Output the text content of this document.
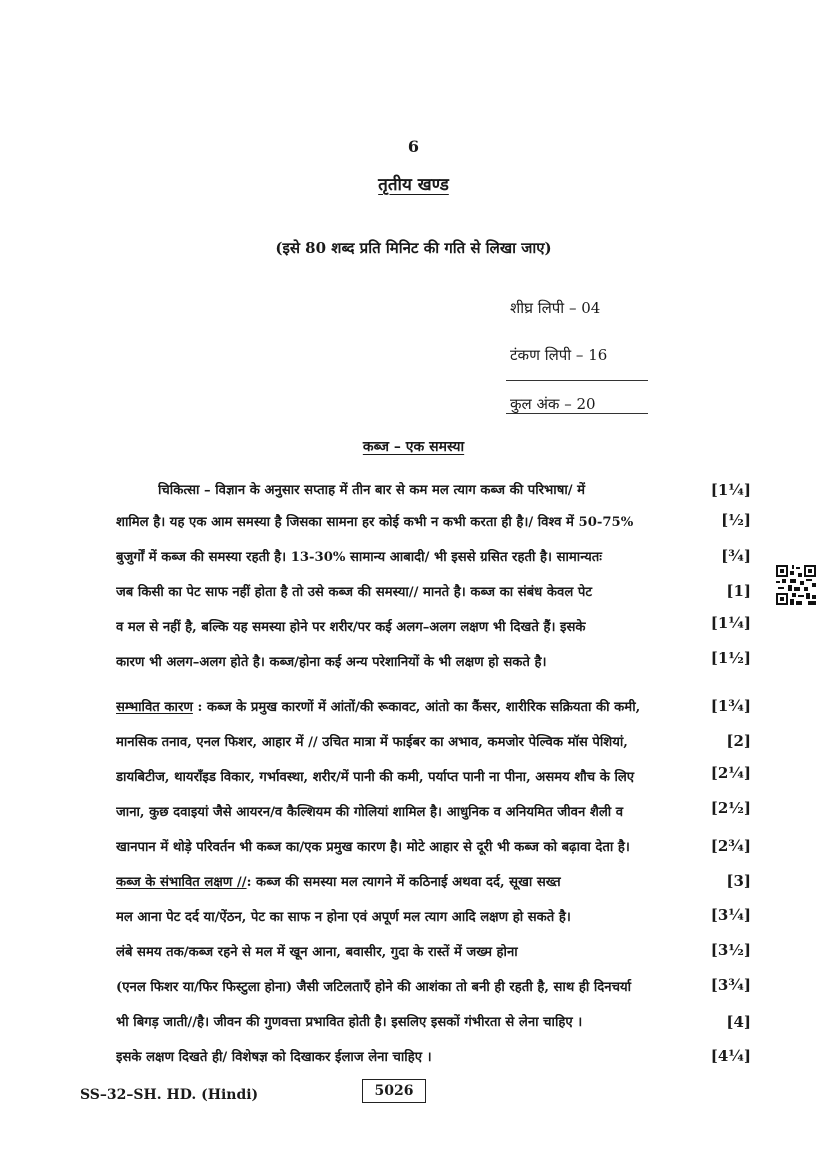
6
तृतीय खण्ड
(इसे 80 शब्द प्रति मिनिट की गति से लिखा जाए)
शीघ्र लिपी – 04
टंकण लिपी – 16
कुल अंक – 20
कब्ज – एक समस्या
चिकित्सा – विज्ञान के अनुसार सप्ताह में तीन बार से कम मल त्याग कब्ज की परिभाषा/ में	[1¼]
शामिल है। यह एक आम समस्या है जिसका सामना हर कोई कभी न कभी करता ही है।/ विश्व में 50-75%	[½]
बुजुर्गों में कब्ज की समस्या रहती है। 13-30% सामान्य आबादी/ भी इससे ग्रसित रहती है। सामान्यतः	[¾]
जब किसी का पेट साफ नहीं होता है तो उसे कब्ज की समस्या// मानते है। कब्ज का संबंध केवल पेट	[1]
व मल से नहीं है, बल्कि यह समस्या होने पर शरीर/पर कई अलग–अलग लक्षण भी दिखते हैं। इसके	[1¼]
कारण भी अलग–अलग होते है। कब्ज/होना कई अन्य परेशानियों के भी लक्षण हो सकते है।	[1½]
सम्भावित कारण : कब्ज के प्रमुख कारणों में आंतों/की रूकावट, आंतो का कैंसर, शारीरिक सक्रियता की कमी,	[1¾]
मानसिक तनाव, एनल फिशर, आहार में // उचित मात्रा में फाईबर का अभाव, कमजोर पेल्विक मॉस पेशियां,	[2]
डायबिटीज, थायराँइड विकार, गर्भावस्था, शरीर/में पानी की कमी, पर्याप्त पानी ना पीना, असमय शौच के लिए	[2¼]
जाना, कुछ दवाइयां जैसे आयरन/व कैल्शियम की गोलियां शामिल है। आधुनिक व अनियमित जीवन शैली व	[2½]
खानपान में थोड़े परिवर्तन भी कब्ज का/एक प्रमुख कारण है। मोटे आहार से दूरी भी कब्ज को बढ़ावा देता है।	[2¾]
कब्ज के संभावित लक्षण //: कब्ज की समस्या मल त्यागने में कठिनाई अथवा दर्द, सूखा सख्त	[3]
मल आना पेट दर्द या/ऐंठन, पेट का साफ न होना एवं अपूर्ण मल त्याग आदि लक्षण हो सकते है।	[3¼]
लंबे समय तक/कब्ज रहने से मल में खून आना, बवासीर, गुदा के रास्तें में जख्म होना	[3½]
(एनल फिशर या/फिर फिस्टुला होना) जैसी जटिलताएँ होने की आशंका तो बनी ही रहती है, साथ ही दिनचर्या	[3¾]
भी बिगड़ जाती//है। जीवन की गुणवत्ता प्रभावित होती है। इसलिए इसकों गंभीरता से लेना चाहिए ।	[4]
इसके लक्षण दिखते ही/ विशेषज्ञ को दिखाकर ईलाज लेना चाहिए ।	[4¼]
SS–32–SH. HD. (Hindi)	5026
